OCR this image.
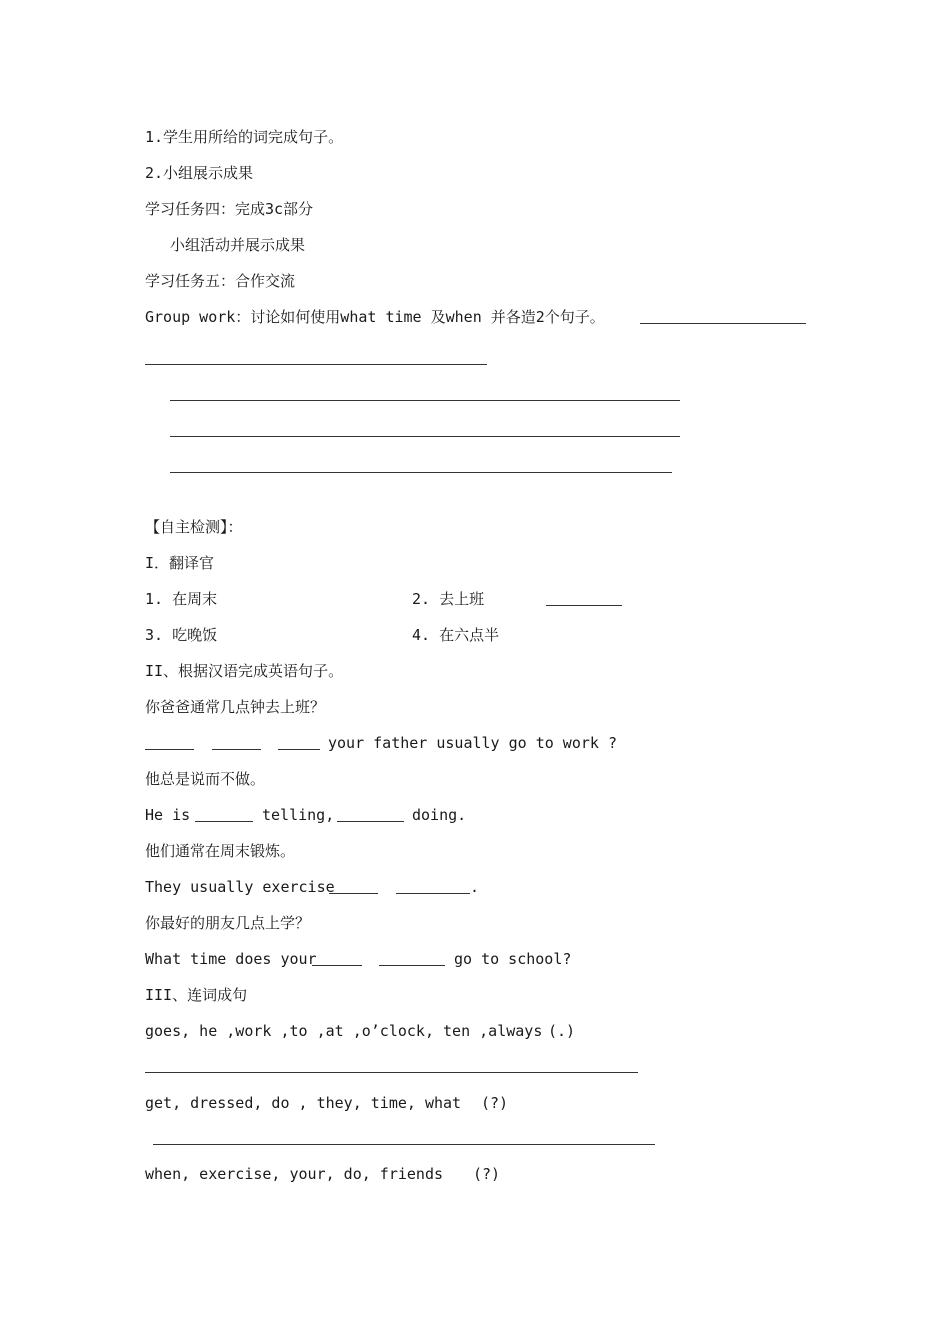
1.学生用所给的词完成句子。
2.小组展示成果
学习任务四：完成3c部分
小组活动并展示成果
学习任务五：合作交流
Group work：讨论如何使用what time 及when 并各造2个句子。
【自主检测】：
I．翻译官
1. 在周末	2. 去上班
3. 吃晚饭	4. 在六点半
II、根据汉语完成英语句子。
你爸爸通常几点钟去上班？
your father usually go to work ?
他总是说而不做。
He is	telling,	doing.
他们通常在周末锻炼。
They usually exercise	.
你最好的朋友几点上学？
What time does your	go to school?
III、连词成句
goes, he ,work ,to ,at ,o’clock, ten ,always (.)
get, dressed, do , they, time, what (?)
when, exercise, your, do, friends (?)
